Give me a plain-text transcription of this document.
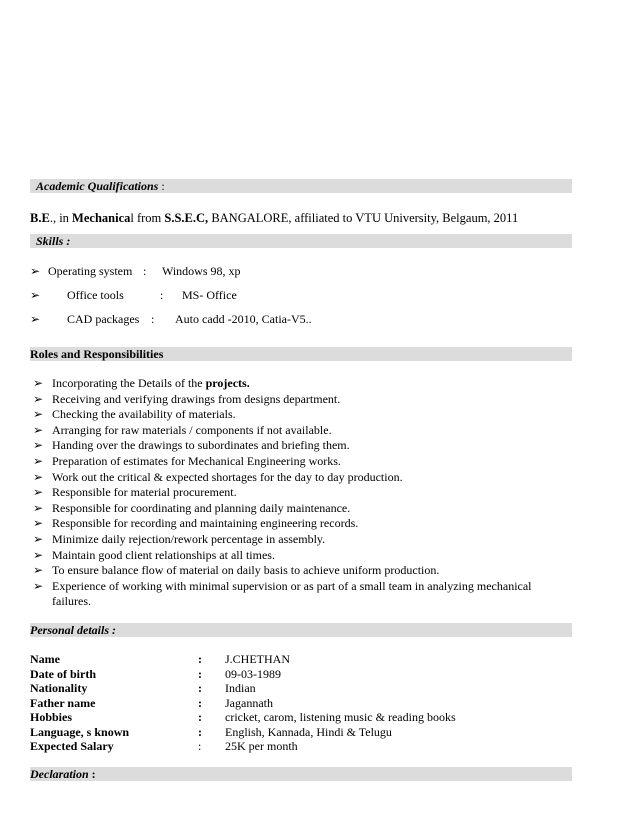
Academic Qualifications :
B.E., in Mechanical from S.S.E.C, BANGALORE, affiliated to VTU University, Belgaum, 2011
Skills :
➢ Operating system : Windows 98, xp
➢ Office tools	: MS- Office
➢ CAD packages : Auto cadd -2010, Catia-V5..
Roles and Responsibilities
➢ Incorporating the Details of the projects.
➢ Receiving and verifying drawings from designs department.
➢ Checking the availability of materials.
➢ Arranging for raw materials / components if not available.
➢ Handing over the drawings to subordinates and briefing them.
➢ Preparation of estimates for Mechanical Engineering works.
➢ Work out the critical & expected shortages for the day to day production.
➢ Responsible for material procurement.
➢ Responsible for coordinating and planning daily maintenance.
➢ Responsible for recording and maintaining engineering records.
➢ Minimize daily rejection/rework percentage in assembly.
➢ Maintain good client relationships at all times.
➢ To ensure balance flow of material on daily basis to achieve uniform production.
➢ Experience of working with minimal supervision or as part of a small team in analyzing mechanical failures.
Personal details :
Name	: J.CHETHAN
Date of birth	: 09-03-1989
Nationality	: Indian
Father name	: Jagannath
Hobbies	: cricket, carom, listening music & reading books
Language, s known	: English, Kannada, Hindi & Telugu
Expected Salary	: 25K per month
Declaration :
